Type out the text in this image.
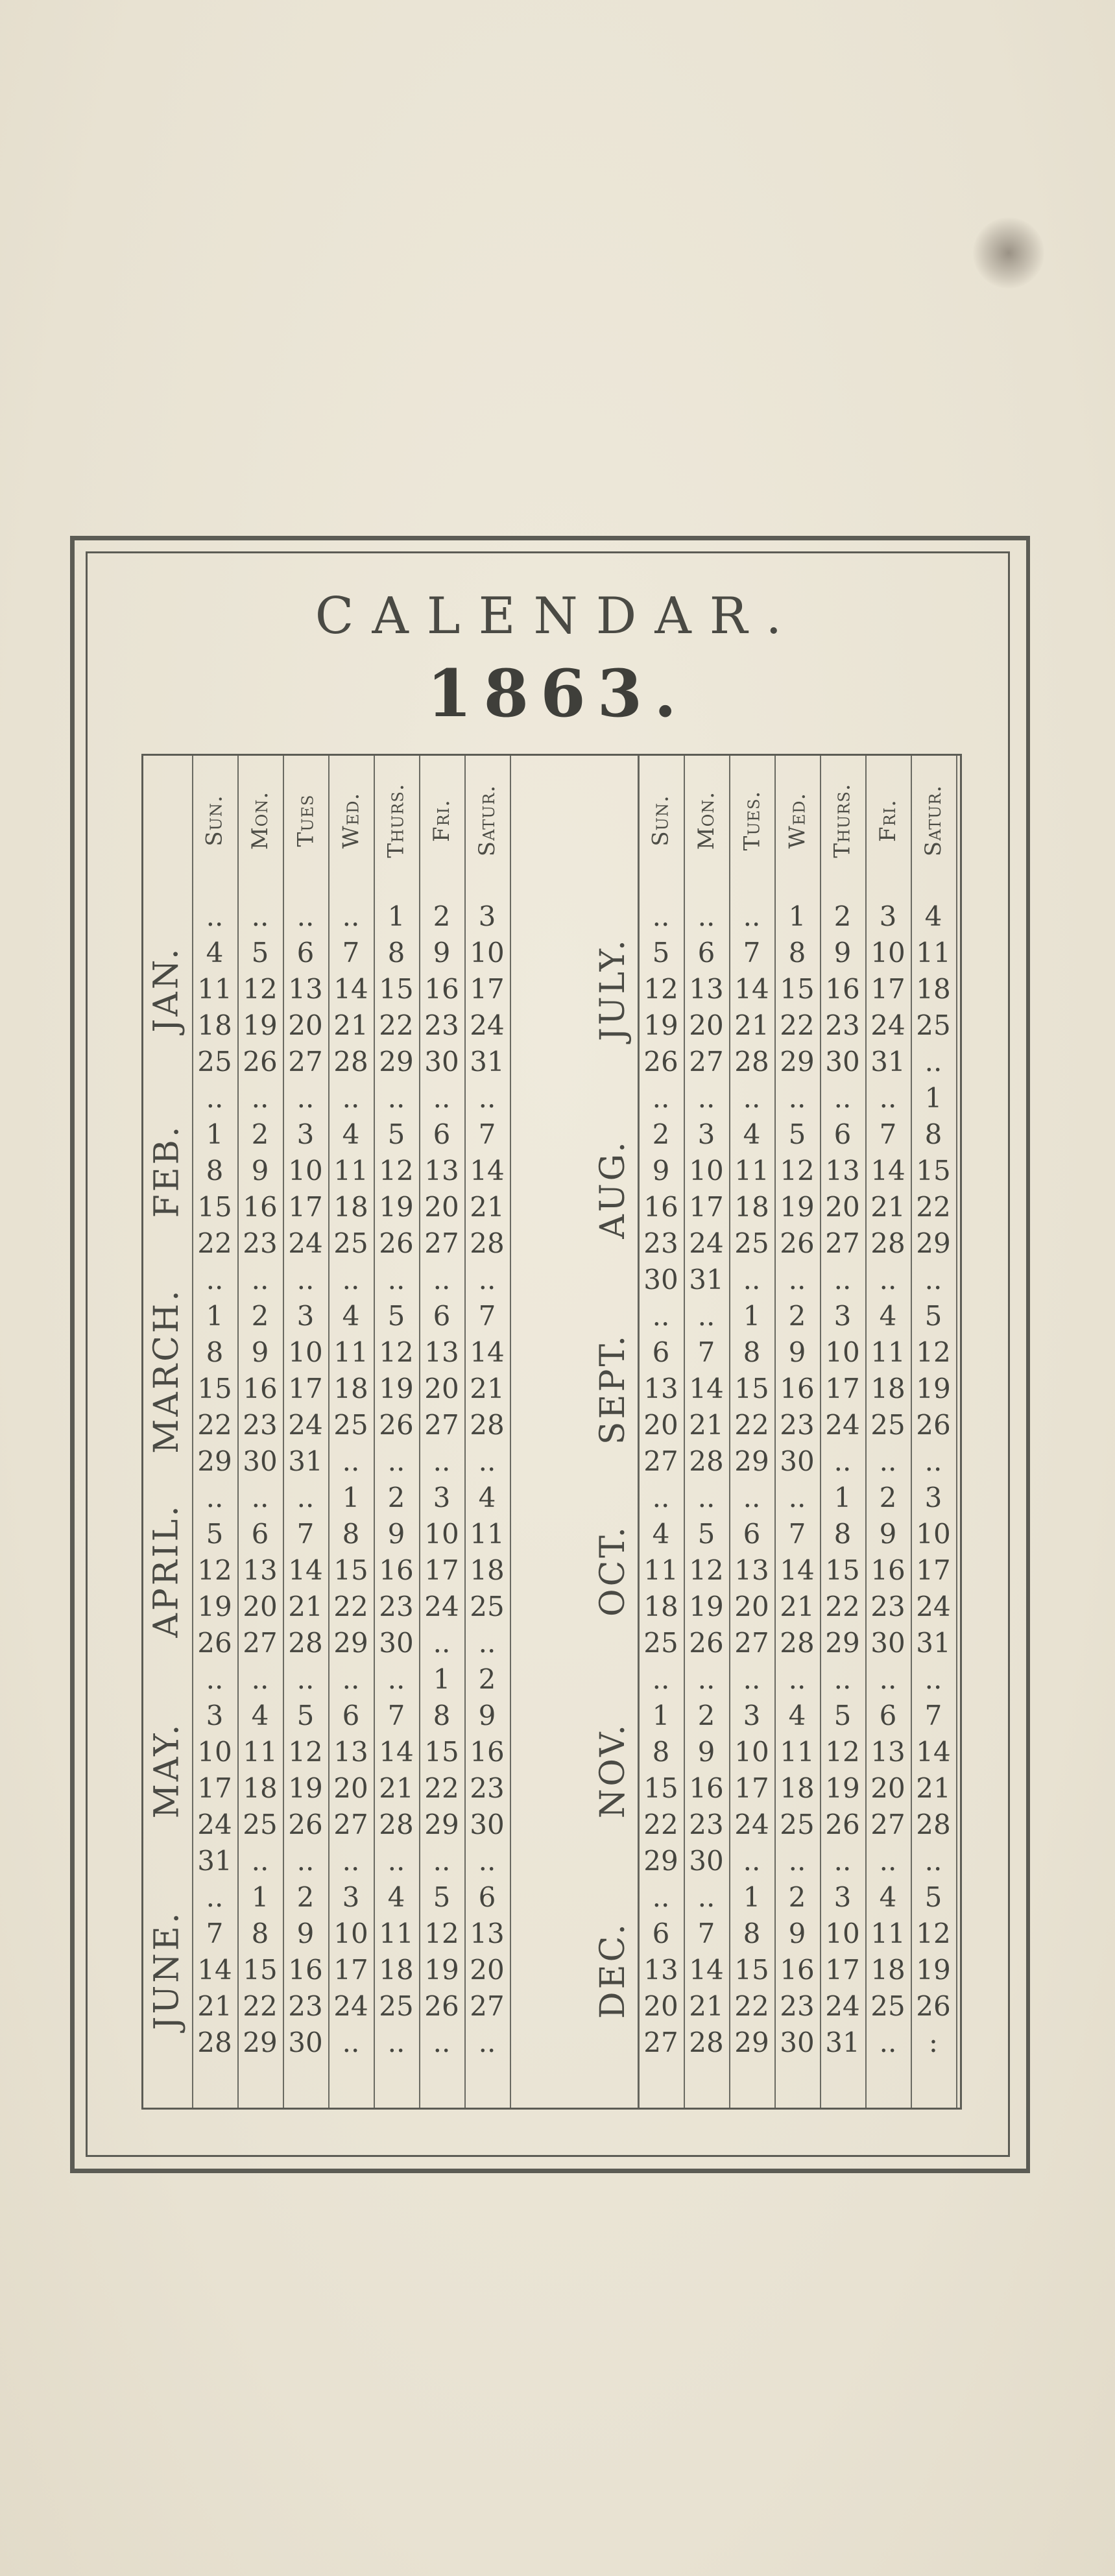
CALENDAR.
1863.
Sun. Mon. Tues Wed. Thurs. Fri. Satur.
..	..	..	..	1	2	3
4	5	6	7	8	9 10
11 12 13 14 15 16 17
18 19 20 21 22 23 24
25 26 27 28 29 30 31
JAN.
..	..	..	..	..	..	..
1	2	3	4	5	6	7
8	9 10 11 12 13 14
15 16 17 18 19 20 21
22 23 24 25 26 27 28
FEB.
..	..	..	..	..	..	..
1	2	3	4	5	6	7
8	9 10 11 12 13 14
15 16 17 18 19 20 21
22 23 24 25 26 27 28
29 30 31 ..	..	..	..
MARCH.
..	..	..	1	2	3	4
5	6	7	8	9 10 11
12 13 14 15 16 17 18
19 20 21 22 23 24 25
26 27 28 29 30 ..	..
APRIL.
..	..	..	..	..	1	2
3	4	5	6	7	8	9
10 11 12 13 14 15 16
17 18 19 20 21 22 23
24 25 26 27 28 29 30
31 ..	..	..	..	..	..
MAY.
..	1	2	3	4	5	6
7	8	9 10 11 12 13
14 15 16 17 18 19 20
21 22 23 24 25 26 27
28 29 30 ..	..	..	..
JUNE.
Sun. Mon. Tues. Wed. Thurs. Fri. Satur.
..	..	..	1	2	3	4
5	6	7	8	9 10 11
12 13 14 15 16 17 18
19 20 21 22 23 24 25
26 27 28 29 30 31 ..
JULY.
..	..	..	..	..	..	1
2	3	4	5	6	7	8
9 10 11 12 13 14 15
16 17 18 19 20 21 22
23 24 25 26 27 28 29
30 31 ..	..	..	..	..
AUG.
..	..	1	2	3	4	5
6	7	8	9 10 11 12
13 14 15 16 17 18 19
20 21 22 23 24 25 26
27 28 29 30 ..	..	..
SEPT.
..	..	..	..	1	2	3
4	5	6	7	8	9 10
11 12 13 14 15 16 17
18 19 20 21 22 23 24
25 26 27 28 29 30 31
OCT.
..	..	..	..	..	..	..
1	2	3	4	5	6	7
8	9 10 11 12 13 14
15 16 17 18 19 20 21
22 23 24 25 26 27 28
29 30 ..	..	..	..	..
NOV.
..	..	1	2	3	4	5
6	7	8	9 10 11 12
13 14 15 16 17 18 19
20 21 22 23 24 25 26
27 28 29 30 31 ..	:
DEC.
